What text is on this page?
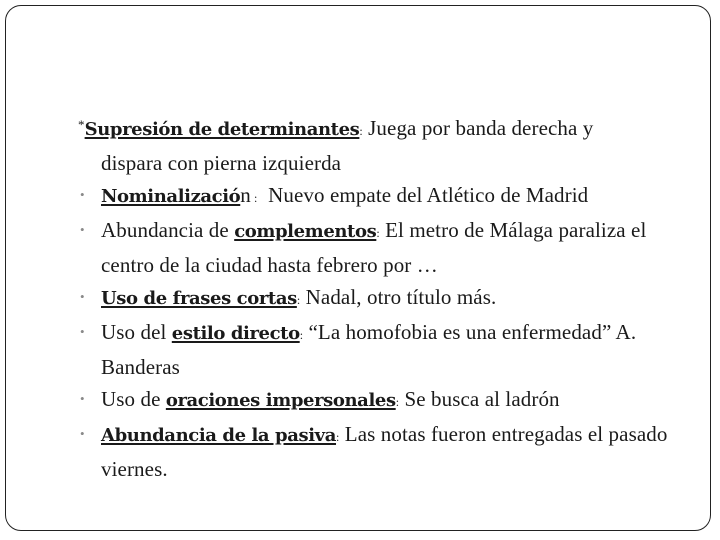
*Supresión de determinantes: Juega por banda derecha y
dispara con pierna izquierda
• Nominalización :  Nuevo empate del Atlético de Madrid
• Abundancia de complementos: El metro de Málaga paraliza el centro de la ciudad hasta febrero por …
• Uso de frases cortas: Nadal, otro título más.
• Uso del estilo directo: “La homofobia es una enfermedad” A. Banderas
• Uso de oraciones impersonales: Se busca al ladrón
• Abundancia de la pasiva: Las notas fueron entregadas el pasado viernes.
